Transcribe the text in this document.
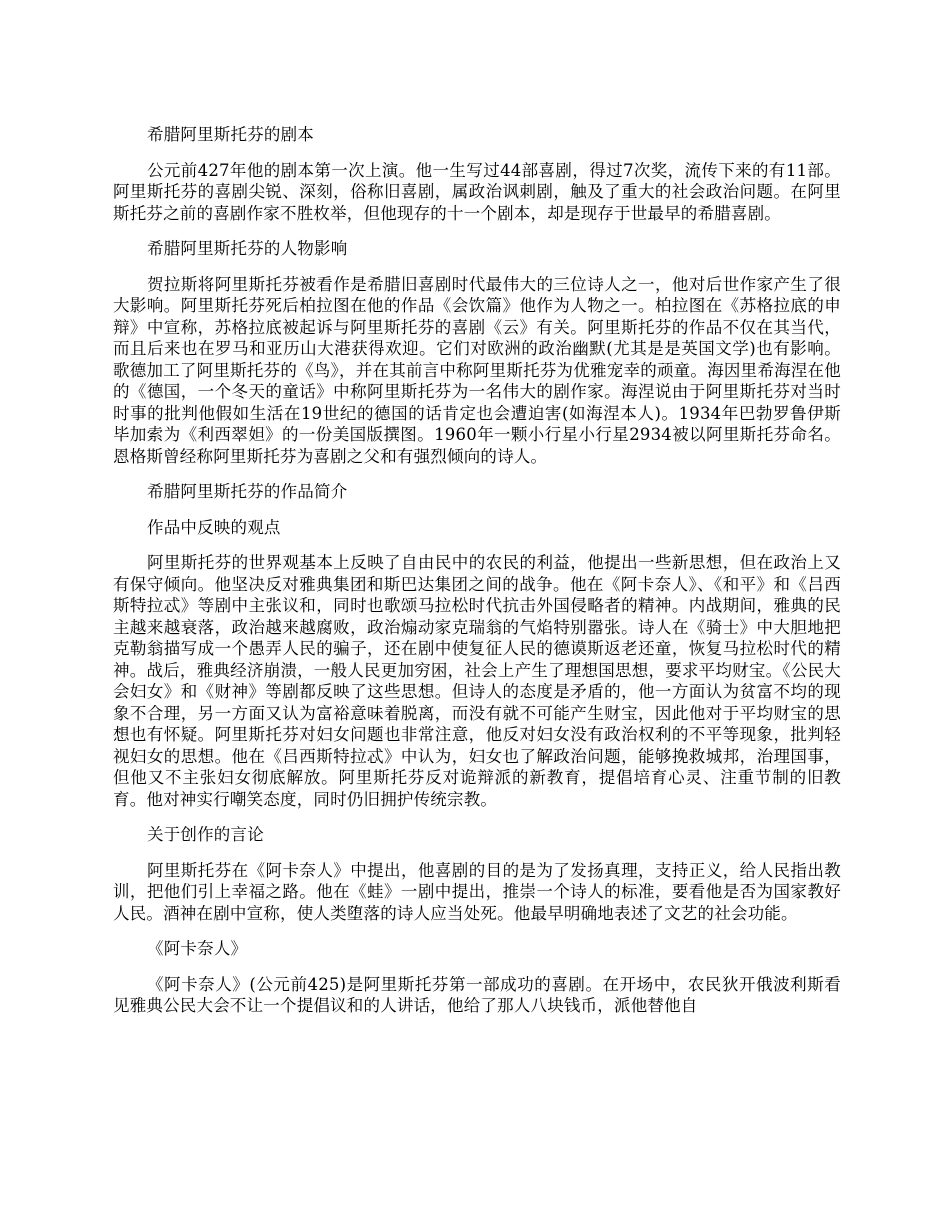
希腊阿里斯托芬的剧本

公元前427年他的剧本第一次上演。他一生写过44部喜剧，得过7次奖，流传下来的有11部。阿里斯托芬的喜剧尖锐、深刻，俗称旧喜剧，属政治讽刺剧，触及了重大的社会政治问题。在阿里斯托芬之前的喜剧作家不胜枚举，但他现存的十一个剧本，却是现存于世最早的希腊喜剧。

希腊阿里斯托芬的人物影响

贺拉斯将阿里斯托芬被看作是希腊旧喜剧时代最伟大的三位诗人之一，他对后世作家产生了很大影响。阿里斯托芬死后柏拉图在他的作品《会饮篇》他作为人物之一。柏拉图在《苏格拉底的申辩》中宣称，苏格拉底被起诉与阿里斯托芬的喜剧《云》有关。阿里斯托芬的作品不仅在其当代，而且后来也在罗马和亚历山大港获得欢迎。它们对欧洲的政治幽默(尤其是是英国文学)也有影响。歌德加工了阿里斯托芬的《鸟》，并在其前言中称阿里斯托芬为优雅宠幸的顽童。海因里希海涅在他的《德国，一个冬天的童话》中称阿里斯托芬为一名伟大的剧作家。海涅说由于阿里斯托芬对当时时事的批判他假如生活在19世纪的德国的话肯定也会遭迫害(如海涅本人)。1934年巴勃罗鲁伊斯毕加索为《利西翠妲》的一份美国版撰图。1960年一颗小行星小行星2934被以阿里斯托芬命名。恩格斯曾经称阿里斯托芬为喜剧之父和有强烈倾向的诗人。

希腊阿里斯托芬的作品简介

作品中反映的观点

阿里斯托芬的世界观基本上反映了自由民中的农民的利益，他提出一些新思想，但在政治上又有保守倾向。他坚决反对雅典集团和斯巴达集团之间的战争。他在《阿卡奈人》、《和平》和《吕西斯特拉忒》等剧中主张议和，同时也歌颂马拉松时代抗击外国侵略者的精神。内战期间，雅典的民主越来越衰落，政治越来越腐败，政治煽动家克瑞翁的气焰特别嚣张。诗人在《骑士》中大胆地把克勒翁描写成一个愚弄人民的骗子，还在剧中使复征人民的德谟斯返老还童，恢复马拉松时代的精神。战后，雅典经济崩溃，一般人民更加穷困，社会上产生了理想国思想，要求平均财宝。《公民大会妇女》和《财神》等剧都反映了这些思想。但诗人的态度是矛盾的，他一方面认为贫富不均的现象不合理，另一方面又认为富裕意味着脱离，而没有就不可能产生财宝，因此他对于平均财宝的思想也有怀疑。阿里斯托芬对妇女问题也非常注意，他反对妇女没有政治权利的不平等现象，批判轻视妇女的思想。他在《吕西斯特拉忒》中认为，妇女也了解政治问题，能够挽救城邦，治理国事，但他又不主张妇女彻底解放。阿里斯托芬反对诡辩派的新教育，提倡培育心灵、注重节制的旧教育。他对神实行嘲笑态度，同时仍旧拥护传统宗教。

关于创作的言论

阿里斯托芬在《阿卡奈人》中提出，他喜剧的目的是为了发扬真理，支持正义，给人民指出教训，把他们引上幸福之路。他在《蛙》一剧中提出，推崇一个诗人的标准，要看他是否为国家教好人民。酒神在剧中宣称，使人类堕落的诗人应当处死。他最早明确地表述了文艺的社会功能。

《阿卡奈人》

《阿卡奈人》(公元前425)是阿里斯托芬第一部成功的喜剧。在开场中，农民狄开俄波利斯看见雅典公民大会不让一个提倡议和的人讲话，他给了那人八块钱币，派他替他自
